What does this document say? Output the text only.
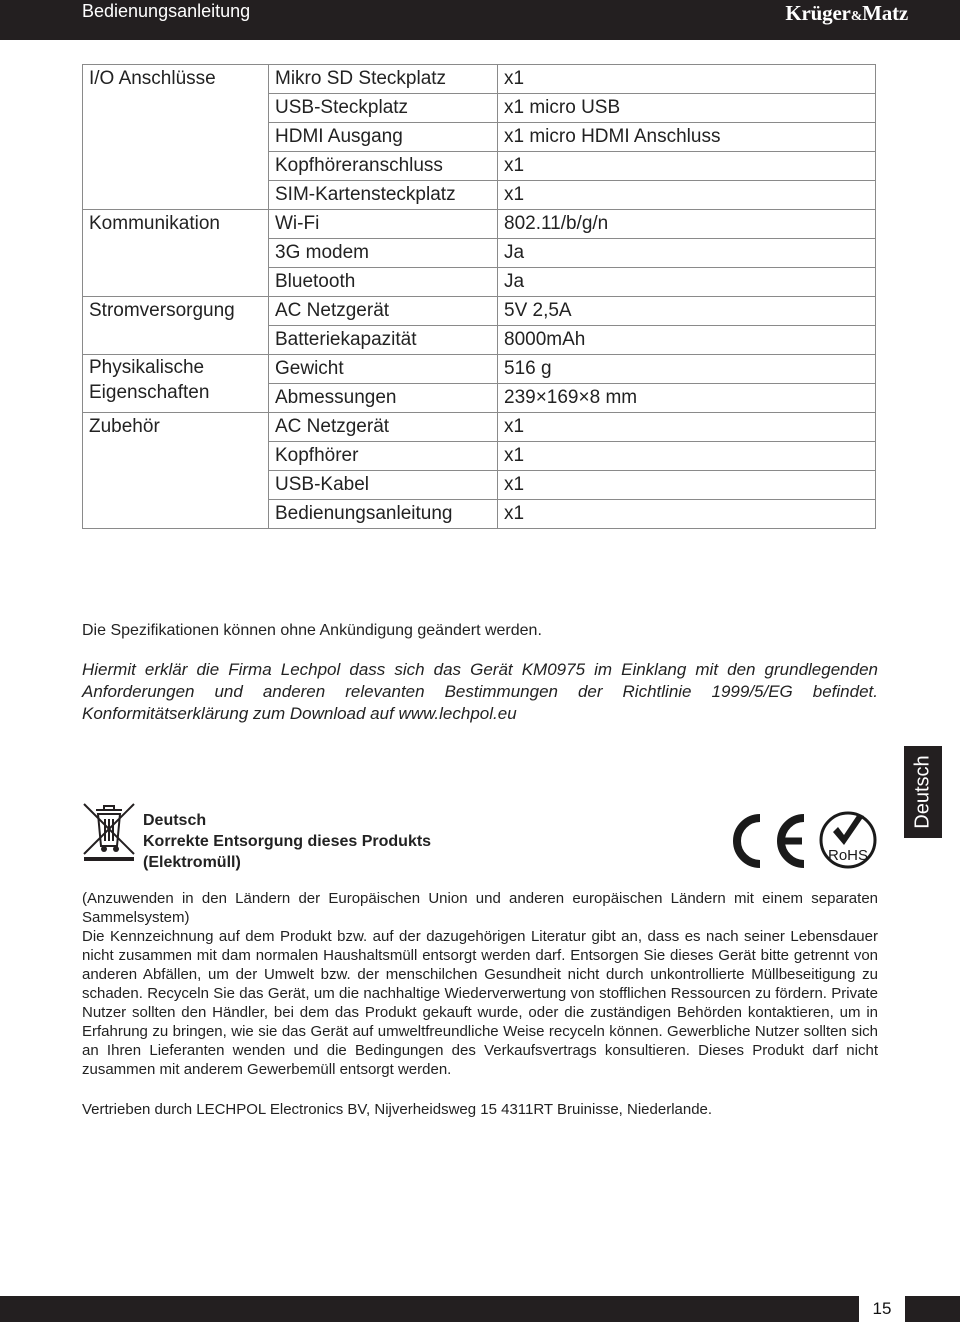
Bedienungsanleitung	Krüger&Matz
I/O Anschlüsse	Mikro SD Steckplatz	x1
	USB-Steckplatz	x1 micro USB
	HDMI Ausgang	x1 micro HDMI Anschluss
	Kopfhöreranschluss	x1
	SIM-Kartensteckplatz	x1
Kommunikation	Wi-Fi	802.11/b/g/n
	3G modem	Ja
	Bluetooth	Ja
Stromversorgung	AC Netzgerät	5V 2,5A
	Batteriekapazität	8000mAh
Physikalische Eigenschaften	Gewicht	516 g
	Abmessungen	239×169×8 mm
Zubehör	AC Netzgerät	x1
	Kopfhörer	x1
	USB-Kabel	x1
	Bedienungsanleitung	x1
Die Spezifikationen können ohne Ankündigung geändert werden.
Hiermit erklär die Firma Lechpol dass sich das Gerät KM0975 im Einklang mit den grundlegenden Anforderungen und anderen relevanten Bestimmungen der Richtlinie 1999/5/EG befindet. Konformitätserklärung zum Download auf www.lechpol.eu
Deutsch
Deutsch
Korrekte Entsorgung dieses Produkts
(Elektromüll)	RoHS

(Anzuwenden in den Ländern der Europäischen Union und anderen europäischen Ländern mit einem separaten Sammelsystem)

Die Kennzeichnung auf dem Produkt bzw. auf der dazugehörigen Literatur gibt an, dass es nach seiner Lebensdauer nicht zusammen mit dam normalen Haushaltsmüll entsorgt werden darf. Entsorgen Sie dieses Gerät bitte getrennt von anderen Abfällen, um der Umwelt bzw. der menschilchen Gesundheit nicht durch unkontrollierte Müllbeseitigung zu schaden. Recyceln Sie das Gerät, um die nachhaltige Wiederverwertung von stofflichen Ressourcen zu fördern. Private Nutzer sollten den Händler, bei dem das Produkt gekauft wurde, oder die zuständigen Behörden kontaktieren, um in Erfahrung zu bringen, wie sie das Gerät auf umweltfreundliche Weise recyceln können. Gewerbliche Nutzer sollten sich an Ihren Lieferanten wenden und die Bedingungen des Verkaufsvertrags konsultieren. Dieses Produkt darf nicht zusammen mit anderem Gewerbemüll entsorgt werden.

Vertrieben durch LECHPOL Electronics BV, Nijverheidsweg 15 4311RT Bruinisse, Niederlande.
15
